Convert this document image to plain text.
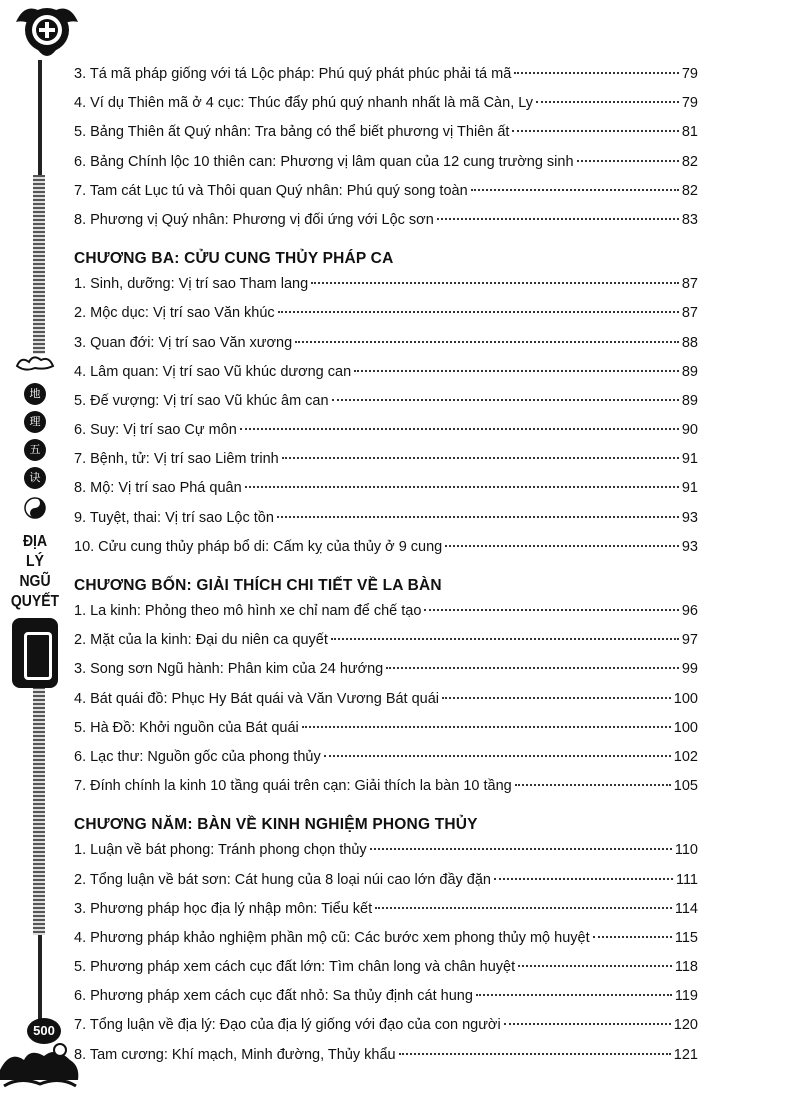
地
理
五
诀
ĐỊA
LÝ
NGŨ
QUYẾT
500
3. Tá mã pháp giống với tá Lộc pháp: Phú quý phát phúc phải tá mã	79
4. Ví dụ Thiên mã ở 4 cục: Thúc đẩy phú quý nhanh nhất là mã Càn, Ly	79
5. Bảng Thiên ất Quý nhân: Tra bảng có thể biết phương vị Thiên ất	81
6. Bảng Chính lộc 10 thiên can: Phương vị lâm quan của 12 cung trường sinh	82
7. Tam cát Lục tú và Thôi quan Quý nhân: Phú quý song toàn	82
8. Phương vị Quý nhân: Phương vị đối ứng với Lộc sơn	83
CHƯƠNG BA: CỬU CUNG THỦY PHÁP CA
1. Sinh, dưỡng: Vị trí sao Tham lang	87
2. Mộc dục: Vị trí sao Văn khúc	87
3. Quan đới: Vị trí sao Văn xương	88
4. Lâm quan: Vị trí sao Vũ khúc dương can	89
5. Đế vượng: Vị trí sao Vũ khúc âm can	89
6. Suy: Vị trí sao Cự môn	90
7. Bệnh, tử: Vị trí sao Liêm trinh	91
8. Mộ: Vị trí sao Phá quân	91
9. Tuyệt, thai: Vị trí sao Lộc tồn	93
10. Cửu cung thủy pháp bổ di: Cấm kỵ của thủy ở 9 cung	93
CHƯƠNG BỐN: GIẢI THÍCH CHI TIẾT VỀ LA BÀN
1. La kinh: Phỏng theo mô hình xe chỉ nam để chế tạo	96
2. Mặt của la kinh: Đại du niên ca quyết	97
3. Song sơn Ngũ hành: Phân kim của 24 hướng	99
4. Bát quái đồ: Phục Hy Bát quái và Văn Vương Bát quái	100
5. Hà Đồ: Khởi nguồn của Bát quái	100
6. Lạc thư: Nguồn gốc của phong thủy	102
7. Đính chính la kinh 10 tầng quái trên cạn: Giải thích la bàn 10 tầng	105
CHƯƠNG NĂM: BÀN VỀ KINH NGHIỆM PHONG THỦY
1. Luận về bát phong: Tránh phong chọn thủy	110
2. Tổng luận về bát sơn: Cát hung của 8 loại núi cao lớn đầy đặn	111
3. Phương pháp học địa lý nhập môn: Tiểu kết	114
4. Phương pháp khảo nghiệm phần mộ cũ: Các bước xem phong thủy mộ huyệt	115
5. Phương pháp xem cách cục đất lớn: Tìm chân long và chân huyệt	118
6. Phương pháp xem cách cục đất nhỏ: Sa thủy định cát hung	119
7. Tổng luận về địa lý: Đạo của địa lý giống với đạo của con người	120
8. Tam cương: Khí mạch, Minh đường, Thủy khẩu	121
